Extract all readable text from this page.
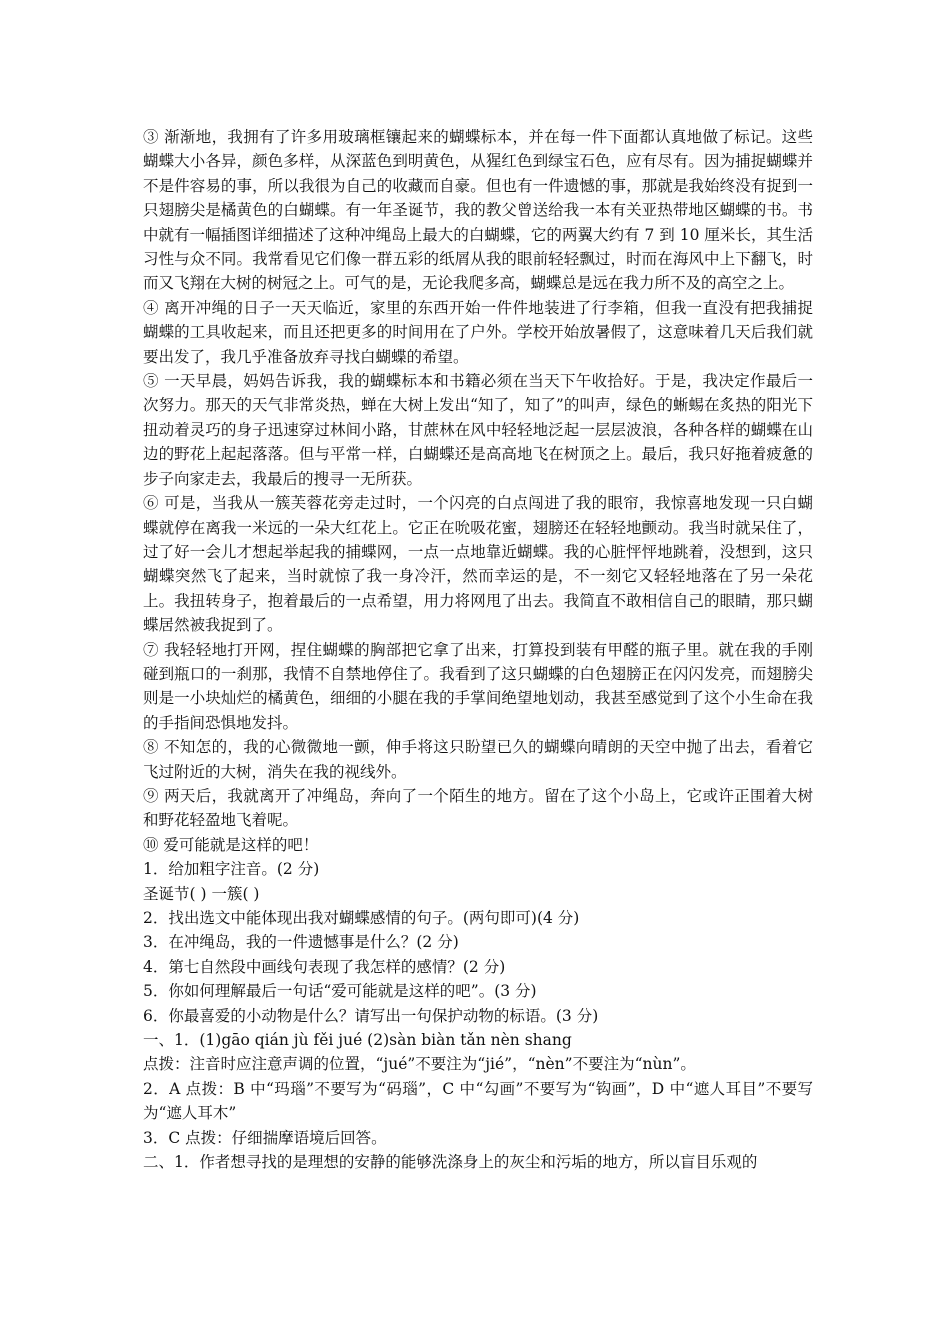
③ 渐渐地，我拥有了许多用玻璃框镶起来的蝴蝶标本，并在每一件下面都认真地做了标记。这些蝴蝶大小各异，颜色多样，从深蓝色到明黄色，从猩红色到绿宝石色，应有尽有。因为捕捉蝴蝶并不是件容易的事，所以我很为自己的收藏而自豪。但也有一件遗憾的事，那就是我始终没有捉到一只翅膀尖是橘黄色的白蝴蝶。有一年圣诞节，我的教父曾送给我一本有关亚热带地区蝴蝶的书。书中就有一幅插图详细描述了这种冲绳岛上最大的白蝴蝶，它的两翼大约有 7 到 10 厘米长，其生活习性与众不同。我常看见它们像一群五彩的纸屑从我的眼前轻轻飘过，时而在海风中上下翻飞，时而又飞翔在大树的树冠之上。可气的是，无论我爬多高，蝴蝶总是远在我力所不及的高空之上。

④ 离开冲绳的日子一天天临近，家里的东西开始一件件地装进了行李箱，但我一直没有把我捕捉蝴蝶的工具收起来，而且还把更多的时间用在了户外。学校开始放暑假了，这意味着几天后我们就要出发了，我几乎准备放弃寻找白蝴蝶的希望。

⑤ 一天早晨，妈妈告诉我，我的蝴蝶标本和书籍必须在当天下午收拾好。于是，我决定作最后一次努力。那天的天气非常炎热，蝉在大树上发出“知了，知了”的叫声，绿色的蜥蜴在炙热的阳光下扭动着灵巧的身子迅速穿过林间小路，甘蔗林在风中轻轻地泛起一层层波浪，各种各样的蝴蝶在山边的野花上起起落落。但与平常一样，白蝴蝶还是高高地飞在树顶之上。最后，我只好拖着疲惫的步子向家走去，我最后的搜寻一无所获。

⑥ 可是，当我从一簇芙蓉花旁走过时，一个闪亮的白点闯进了我的眼帘，我惊喜地发现一只白蝴蝶就停在离我一米远的一朵大红花上。它正在吮吸花蜜，翅膀还在轻轻地颤动。我当时就呆住了，过了好一会儿才想起举起我的捕蝶网，一点一点地靠近蝴蝶。我的心脏怦怦地跳着，没想到，这只蝴蝶突然飞了起来，当时就惊了我一身冷汗，然而幸运的是，不一刻它又轻轻地落在了另一朵花上。我扭转身子，抱着最后的一点希望，用力将网甩了出去。我简直不敢相信自己的眼睛，那只蝴蝶居然被我捉到了。

⑦ 我轻轻地打开网，捏住蝴蝶的胸部把它拿了出来，打算投到装有甲醛的瓶子里。就在我的手刚碰到瓶口的一刹那，我情不自禁地停住了。我看到了这只蝴蝶的白色翅膀正在闪闪发亮，而翅膀尖则是一小块灿烂的橘黄色，细细的小腿在我的手掌间绝望地划动，我甚至感觉到了这个小生命在我的手指间恐惧地发抖。

⑧ 不知怎的，我的心微微地一颤，伸手将这只盼望已久的蝴蝶向晴朗的天空中抛了出去，看着它飞过附近的大树，消失在我的视线外。

⑨ 两天后，我就离开了冲绳岛，奔向了一个陌生的地方。留在了这个小岛上，它或许正围着大树和野花轻盈地飞着呢。

⑩ 爱可能就是这样的吧！

1．给加粗字注音。(2 分)

圣诞节( ) 一簇( )

2．找出选文中能体现出我对蝴蝶感情的句子。(两句即可)(4 分)

3．在冲绳岛，我的一件遗憾事是什么？(2 分)

4．第七自然段中画线句表现了我怎样的感情？(2 分)

5．你如何理解最后一句话“爱可能就是这样的吧”。(3 分)

6．你最喜爱的小动物是什么？请写出一句保护动物的标语。(3 分)

一、1．(1)gāo qián jù fěi jué (2)sàn biàn tǎn nèn shang

点拨：注音时应注意声调的位置，“jué”不要注为“jié”，“nèn”不要注为“nùn”。

2．A 点拨：B 中“玛瑙”不要写为“码瑙”，C 中“勾画”不要写为“钩画”，D 中“遮人耳目”不要写为“遮人耳木”

3．C 点拨：仔细揣摩语境后回答。

二、1．作者想寻找的是理想的安静的能够洗涤身上的灰尘和污垢的地方，所以盲目乐观的
